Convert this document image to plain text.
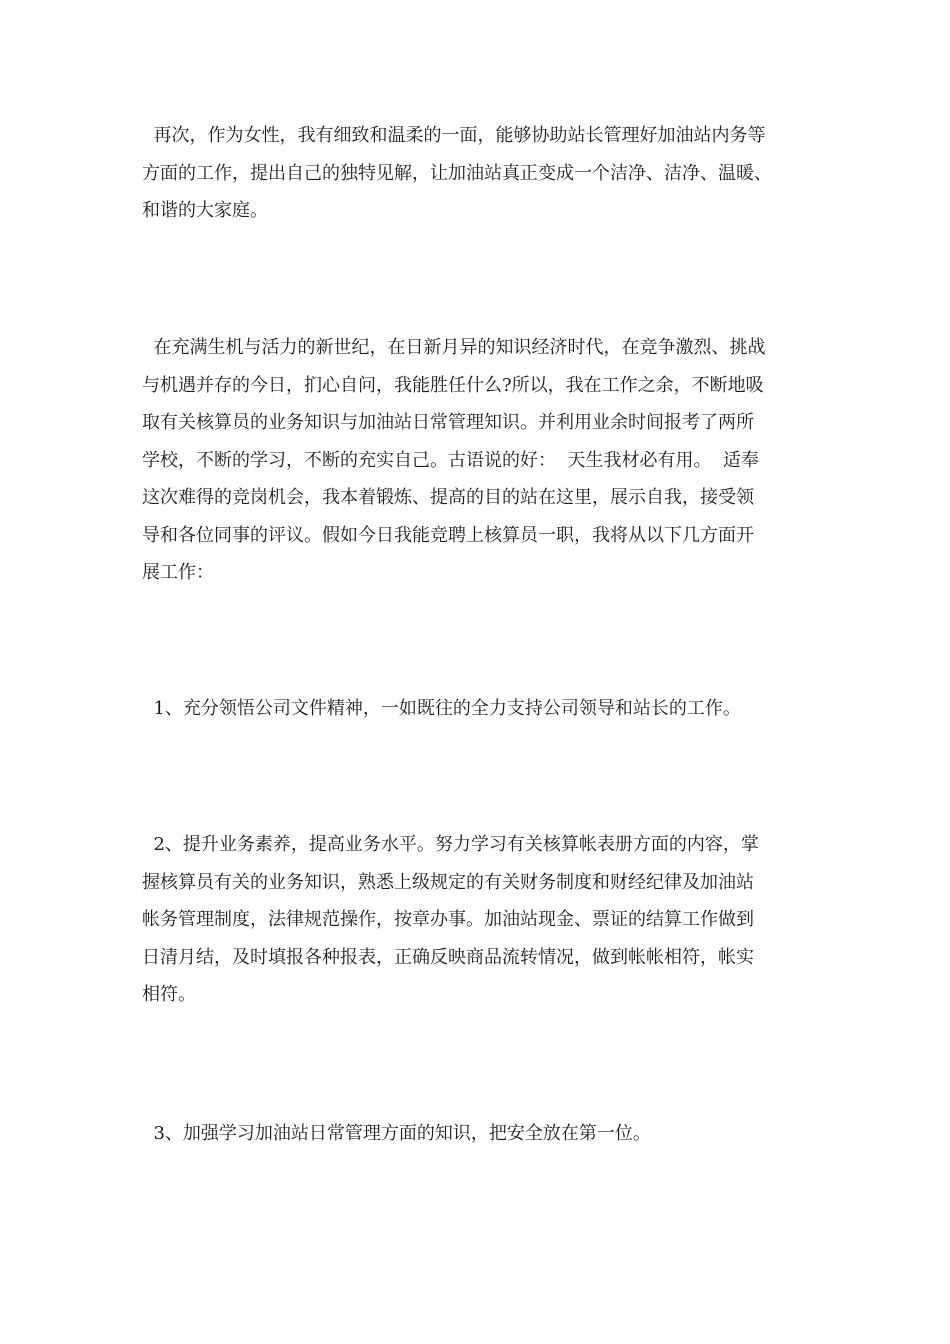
再次，作为女性，我有细致和温柔的一面，能够协助站长管理好加油站内务等
方面的工作，提出自己的独特见解，让加油站真正变成一个洁净、洁净、温暖、
和谐的大家庭。

在充满生机与活力的新世纪，在日新月异的知识经济时代，在竞争激烈、挑战
与机遇并存的今日，扪心自问，我能胜任什么?所以，我在工作之余，不断地吸
取有关核算员的业务知识与加油站日常管理知识。并利用业余时间报考了两所
学校，不断的学习，不断的充实自己。古语说的好：  天生我材必有用。  适奉
这次难得的竞岗机会，我本着锻炼、提高的目的站在这里，展示自我，接受领
导和各位同事的评议。假如今日我能竞聘上核算员一职，我将从以下几方面开
展工作：

1、充分领悟公司文件精神，一如既往的全力支持公司领导和站长的工作。

2、提升业务素养，提高业务水平。努力学习有关核算帐表册方面的内容，掌
握核算员有关的业务知识，熟悉上级规定的有关财务制度和财经纪律及加油站
帐务管理制度，法律规范操作，按章办事。加油站现金、票证的结算工作做到
日清月结，及时填报各种报表，正确反映商品流转情况，做到帐帐相符，帐实
相符。

3、加强学习加油站日常管理方面的知识，把安全放在第一位。
